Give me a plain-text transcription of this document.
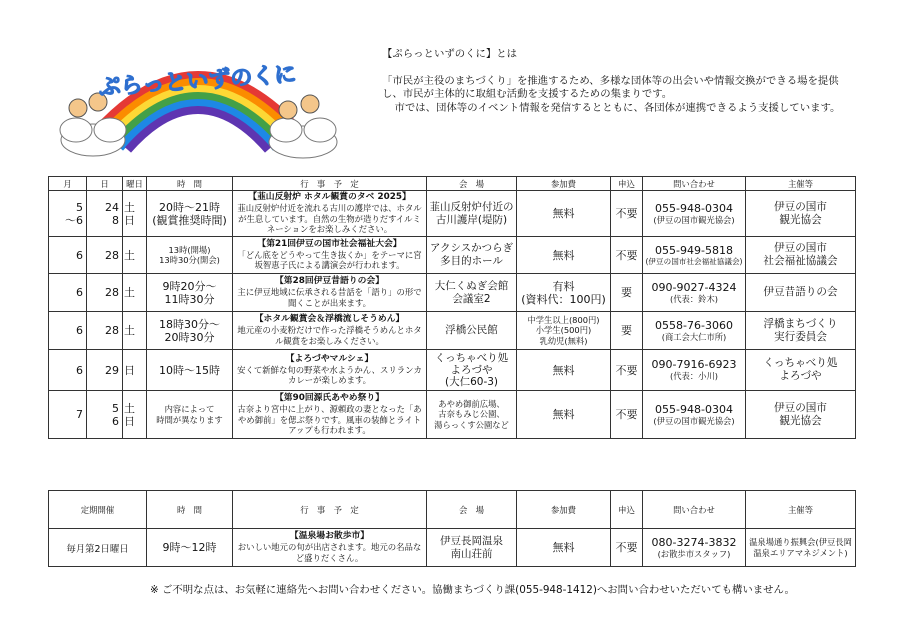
ぷらっといずのくに
【ぷらっといずのくに】とは

「市民が主役のまちづくり」を推進するため、多様な団体等の出会いや情報交換ができる場を提供し、市民が主体的に取組む活動を支援するための集まりです。

市では、団体等のイベント情報を発信するとともに、各団体が連携できるよう支援しています。

月	日	曜日	時　間	行　事　予　定	会　場	参加費	申込	問い合わせ	主催等

5
～6	24
8	土
日	20時～21時
(観賞推奨時間)	【韮山反射炉 ホタル観賞のタベ 2025】
韮山反射炉付近を流れる古川の護岸では、ホタルが生息しています。自然の生物が造りだすイルミネーションをお楽しみください。	韮山反射炉付近の
古川護岸(堤防)	無料	不要	055-948-0304
(伊豆の国市観光協会)	伊豆の国市
観光協会

6	28	土	13時(開場)
13時30分(開会)	【第21回伊豆の国市社会福祉大会】
「どん底をどうやって生き抜くか」をテーマに宮坂智恵子氏による講演会が行われます。	アクシスかつらぎ
多目的ホール	無料	不要	055-949-5818
(伊豆の国市社会福祉協議会)	伊豆の国市
社会福祉協議会

6	28	土	9時20分～
11時30分	【第28回伊豆昔語りの会】
主に伊豆地域に伝承される昔話を「語り」の形で聞くことが出来ます。	大仁くぬぎ会館
会議室2	有料
(資料代：100円)	要	090-9027-4324
(代表：鈴木)	伊豆昔語りの会

6	28	土	18時30分～
20時30分	【ホタル観賞会＆浮橋流しそうめん】
地元産の小麦粉だけで作った浮橋そうめんとホタル観賞をお楽しみください。	浮橋公民館	中学生以上(800円)
小学生(500円)
乳幼児(無料)	要	0558-76-3060
(商工会大仁市所)	浮橋まちづくり
実行委員会

6	29	日	10時～15時	【よろづやマルシェ】
安くて新鮮な旬の野菜や水ようかん、スリランカカレーが楽しめます。	くっちゃべり処
よろづや
(大仁60-3)	無料	不要	090-7916-6923
(代表：小川)	くっちゃべり処
よろづや

7	5
6	土
日	内容によって
時間が異なります	【第90回源氏あやめ祭り】
古奈より宮中に上がり、源頼政の妻となった「あやめ御前」を偲ぶ祭りです。風車の装飾とライトアップも行われます。	あやめ御前広場、
古奈もみじ公園、
湯らっくす公園など	無料	不要	055-948-0304
(伊豆の国市観光協会)	伊豆の国市
観光協会
定期開催	時　間	行　事　予　定	会　場	参加費	申込	問い合わせ	主催等
毎月第2日曜日	9時～12時	【温泉場お散歩市】
おいしい地元の旬が出店されます。地元の名品など盛りだくさん。	伊豆長岡温泉
南山荘前	無料	不要	080-3274-3832
(お散歩市スタッフ)	温泉場通り振興会(伊豆長岡温泉エリアマネジメント)
※ ご不明な点は、お気軽に連絡先へお問い合わせください。協働まちづくり課(055-948-1412)へお問い合わせいただいても構いません。
